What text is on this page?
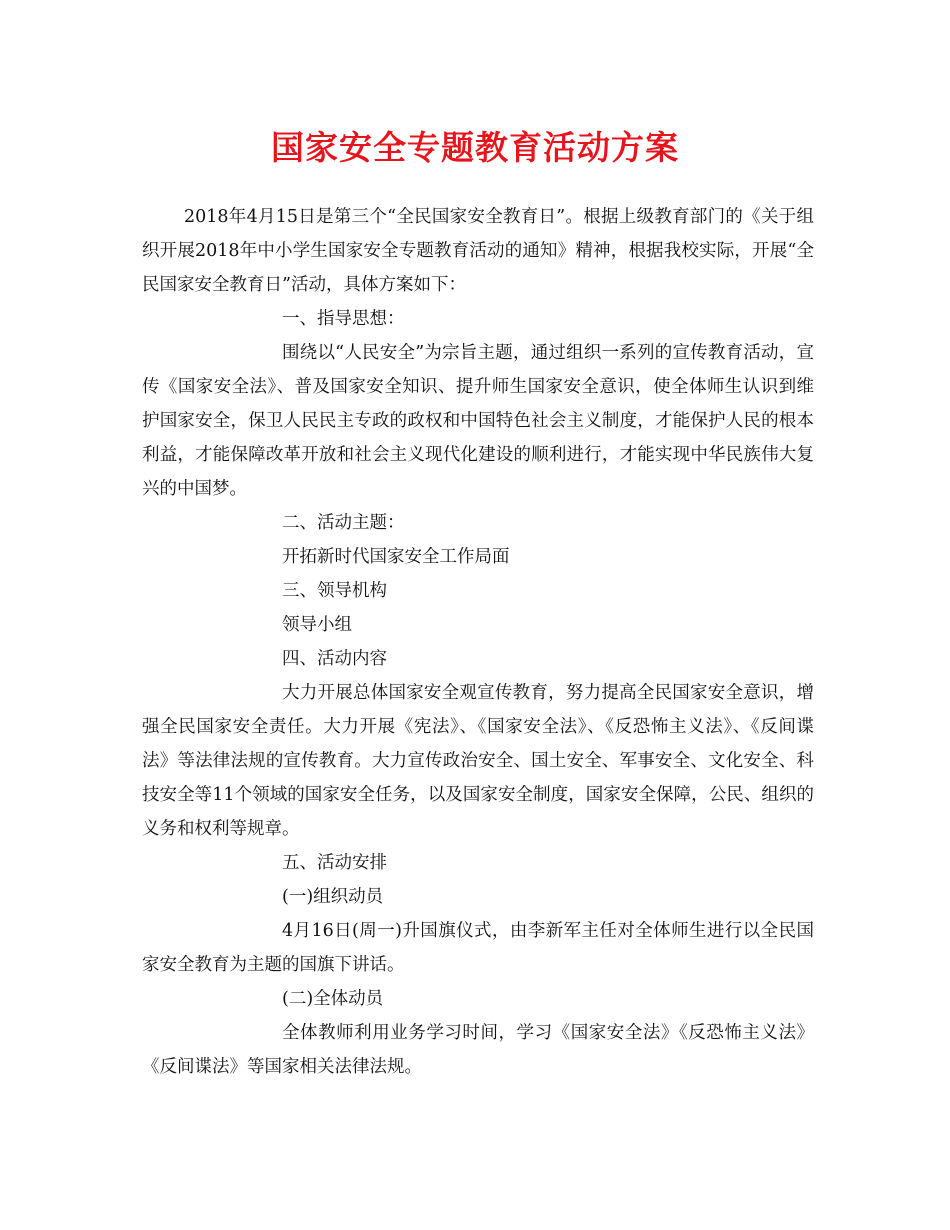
国家安全专题教育活动方案

2018年4月15日是第三个“全民国家安全教育日”。根据上级教育部门的《关于组织开展2018年中小学生国家安全专题教育活动的通知》精神，根据我校实际，开展“全民国家安全教育日”活动，具体方案如下：

一、指导思想：

围绕以“人民安全”为宗旨主题，通过组织一系列的宣传教育活动，宣传《国家安全法》、普及国家安全知识、提升师生国家安全意识，使全体师生认识到维护国家安全，保卫人民民主专政的政权和中国特色社会主义制度，才能保护人民的根本利益，才能保障改革开放和社会主义现代化建设的顺利进行，才能实现中华民族伟大复兴的中国梦。

二、活动主题：

开拓新时代国家安全工作局面

三、领导机构

领导小组

四、活动内容

大力开展总体国家安全观宣传教育，努力提高全民国家安全意识，增强全民国家安全责任。大力开展《宪法》、《国家安全法》、《反恐怖主义法》、《反间谍法》等法律法规的宣传教育。大力宣传政治安全、国土安全、军事安全、文化安全、科技安全等11个领域的国家安全任务，以及国家安全制度，国家安全保障，公民、组织的义务和权利等规章。

五、活动安排

(一)组织动员

4月16日(周一)升国旗仪式，由李新军主任对全体师生进行以全民国家安全教育为主题的国旗下讲话。

(二)全体动员

全体教师利用业务学习时间，学习《国家安全法》《反恐怖主义法》《反间谍法》等国家相关法律法规。
